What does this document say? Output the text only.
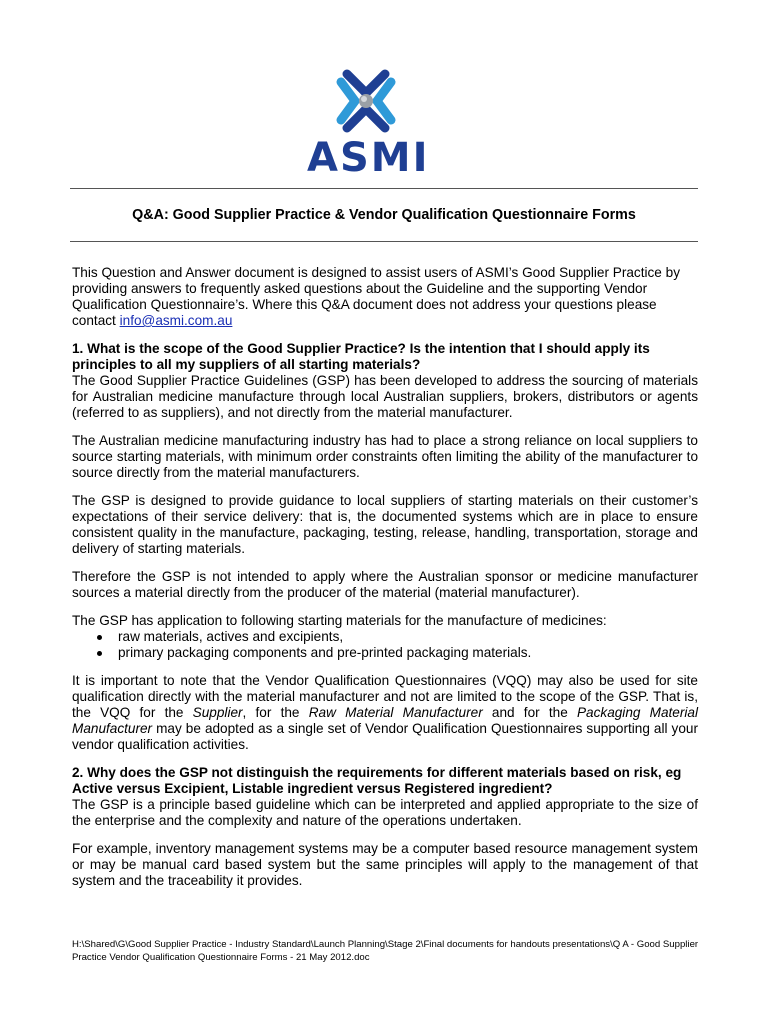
ASMI
Q&A: Good Supplier Practice & Vendor Qualification Questionnaire Forms

This Question and Answer document is designed to assist users of ASMI’s Good Supplier Practice by providing answers to frequently asked questions about the Guideline and the supporting Vendor Qualification Questionnaire’s. Where this Q&A document does not address your questions please contact info@asmi.com.au

1. What is the scope of the Good Supplier Practice? Is the intention that I should apply its principles to all my suppliers of all starting materials?

The Good Supplier Practice Guidelines (GSP) has been developed to address the sourcing of materials for Australian medicine manufacture through local Australian suppliers, brokers, distributors or agents (referred to as suppliers), and not directly from the material manufacturer.

The Australian medicine manufacturing industry has had to place a strong reliance on local suppliers to source starting materials, with minimum order constraints often limiting the ability of the manufacturer to source directly from the material manufacturers.

The GSP is designed to provide guidance to local suppliers of starting materials on their customer’s expectations of their service delivery: that is, the documented systems which are in place to ensure consistent quality in the manufacture, packaging, testing, release, handling, transportation, storage and delivery of starting materials.

Therefore the GSP is not intended to apply where the Australian sponsor or medicine manufacturer sources a material directly from the producer of the material (material manufacturer).

The GSP has application to following starting materials for the manufacture of medicines:

raw materials, actives and excipients,
primary packaging components and pre-printed packaging materials.

It is important to note that the Vendor Qualification Questionnaires (VQQ) may also be used for site qualification directly with the material manufacturer and not are limited to the scope of the GSP. That is, the VQQ for the Supplier, for the Raw Material Manufacturer and for the Packaging Material Manufacturer may be adopted as a single set of Vendor Qualification Questionnaires supporting all your vendor qualification activities.

2. Why does the GSP not distinguish the requirements for different materials based on risk, eg Active versus Excipient, Listable ingredient versus Registered ingredient?

The GSP is a principle based guideline which can be interpreted and applied appropriate to the size of the enterprise and the complexity and nature of the operations undertaken.

For example, inventory management systems may be a computer based resource management system or may be manual card based system but the same principles will apply to the management of that system and the traceability it provides.

H:\Shared\G\Good Supplier Practice - Industry Standard\Launch Planning\Stage 2\Final documents for handouts presentations\Q A - Good Supplier Practice Vendor Qualification Questionnaire Forms - 21 May 2012.doc
